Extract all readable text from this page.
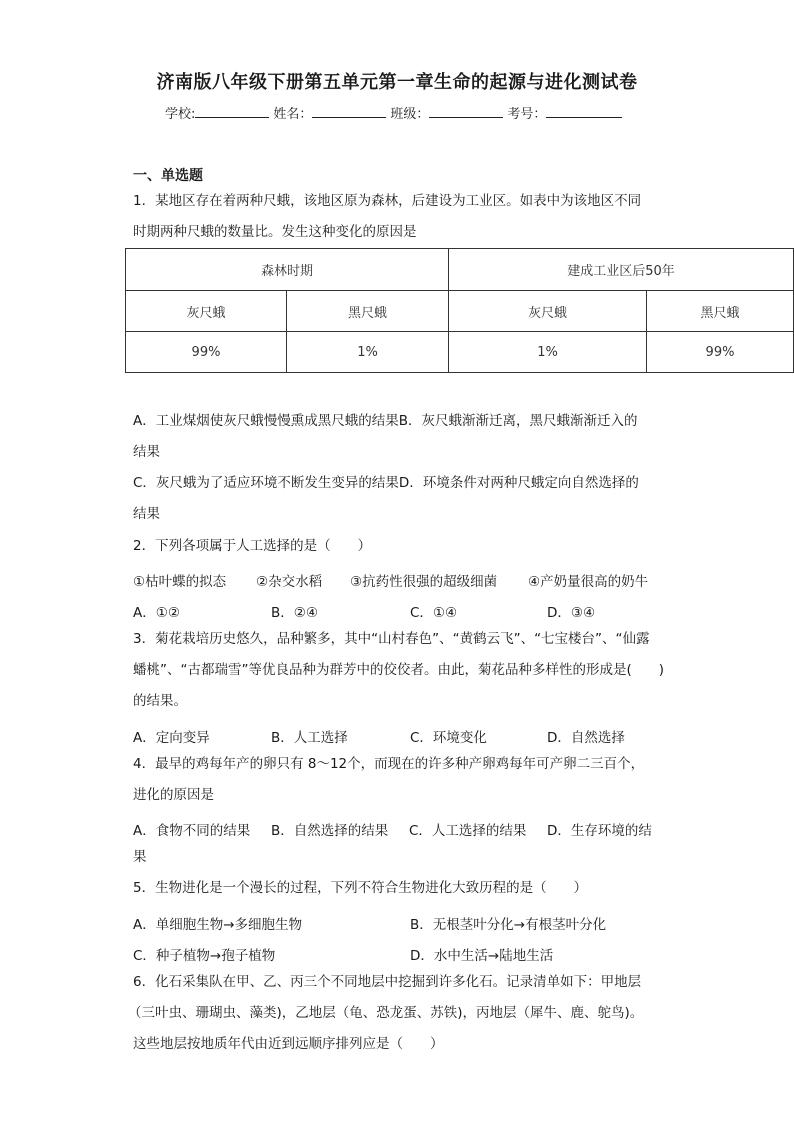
济南版八年级下册第五单元第一章生命的起源与进化测试卷
学校:	姓名：	班级：	考号：
一、单选题
1．某地区存在着两种尺蛾，该地区原为森林，后建设为工业区。如表中为该地区不同
时期两种尺蛾的数量比。发生这种变化的原因是
森林时期		建成工业区后50年	
灰尺蛾	黑尺蛾	灰尺蛾	黑尺蛾
99%	1%	1%	99%
A．工业煤烟使灰尺蛾慢慢熏成黑尺蛾的结果B．灰尺蛾渐渐迁离，黑尺蛾渐渐迁入的
结果
C．灰尺蛾为了适应环境不断发生变异的结果D．环境条件对两种尺蛾定向自然选择的
结果
2．下列各项属于人工选择的是（　　）
①枯叶蝶的拟态	②杂交水稻	③抗药性很强的超级细菌	④产奶量很高的奶牛
A．①②	B．②④	C．①④	D．③④
3．菊花栽培历史悠久，品种繁多，其中“山村春色”、“黄鹤云飞”、“七宝楼台”、“仙露
蟠桃”、“古都瑞雪”等优良品种为群芳中的佼佼者。由此，菊花品种多样性的形成是(　　)
的结果。
A．定向变异	B．人工选择	C．环境变化	D．自然选择
4．最早的鸡每年产的卵只有 8～12个，而现在的许多种产卵鸡每年可产卵二三百个，
进化的原因是
A．食物不同的结果	B．自然选择的结果	C．人工选择的结果	D．生存环境的结
果
5．生物进化是一个漫长的过程，下列不符合生物进化大致历程的是（　　）
A．单细胞生物→多细胞生物	B．无根茎叶分化→有根茎叶分化
C．种子植物→孢子植物	D．水中生活→陆地生活
6．化石采集队在甲、乙、丙三个不同地层中挖掘到许多化石。记录清单如下：甲地层
（三叶虫、珊瑚虫、藻类)，乙地层（龟、恐龙蛋、苏铁)，丙地层（犀牛、鹿、鸵鸟)。
这些地层按地质年代由近到远顺序排列应是（　　）
